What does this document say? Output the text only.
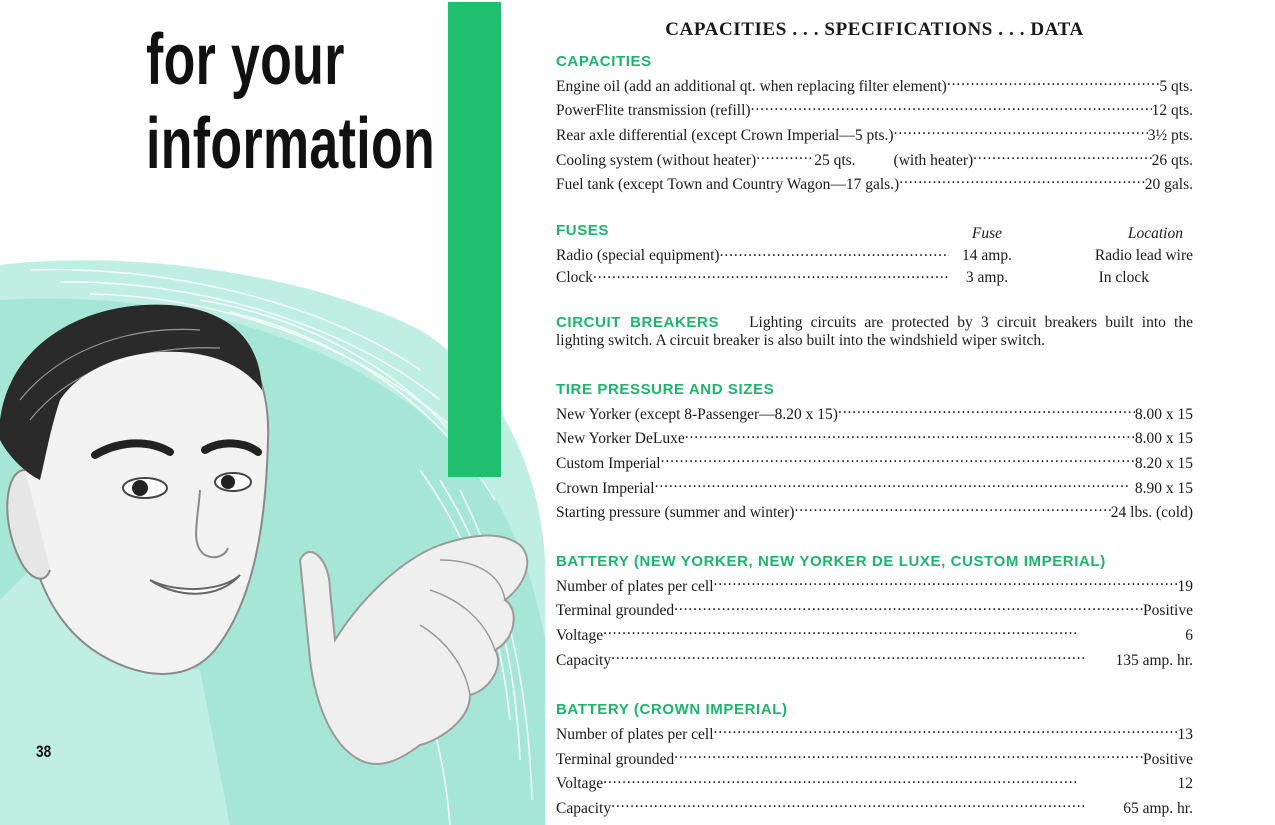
for your
information
38
CAPACITIES . . . SPECIFICATIONS . . . DATA
CAPACITIES
Engine oil (add an additional qt. when replacing filter element) . . .	5 qts.
PowerFlite transmission (refill) . . .	12 qts.
Rear axle differential (except Crown Imperial—5 pts.) . . .	3½ pts.
Cooling system (without heater) . . .	25 qts. (with heater) . . .	26 qts.
Fuel tank (except Town and Country Wagon—17 gals.) . . .	20 gals.
FUSES	Fuse	Location
Radio (special equipment) . . .	14 amp.	Radio lead wire
Clock . . .	3 amp.	In clock

CIRCUIT BREAKERS Lighting circuits are protected by 3 circuit breakers built into the lighting switch. A circuit breaker is also built into the windshield wiper switch.

TIRE PRESSURE AND SIZES
New Yorker (except 8-Passenger—8.20 x 15) . . .	8.00 x 15
New Yorker DeLuxe . . .	8.00 x 15
Custom Imperial . . .	8.20 x 15
Crown Imperial . . .	8.90 x 15
Starting pressure (summer and winter) . . .	24 lbs. (cold)
BATTERY (NEW YORKER, NEW YORKER DE LUXE, CUSTOM IMPERIAL)
Number of plates per cell . . .	19
Terminal grounded . . .	Positive
Voltage . . .	6
Capacity . . .	135 amp. hr.
BATTERY (CROWN IMPERIAL)
Number of plates per cell . . .	13
Terminal grounded . . .	Positive
Voltage . . .	12
Capacity . . .	65 amp. hr.
